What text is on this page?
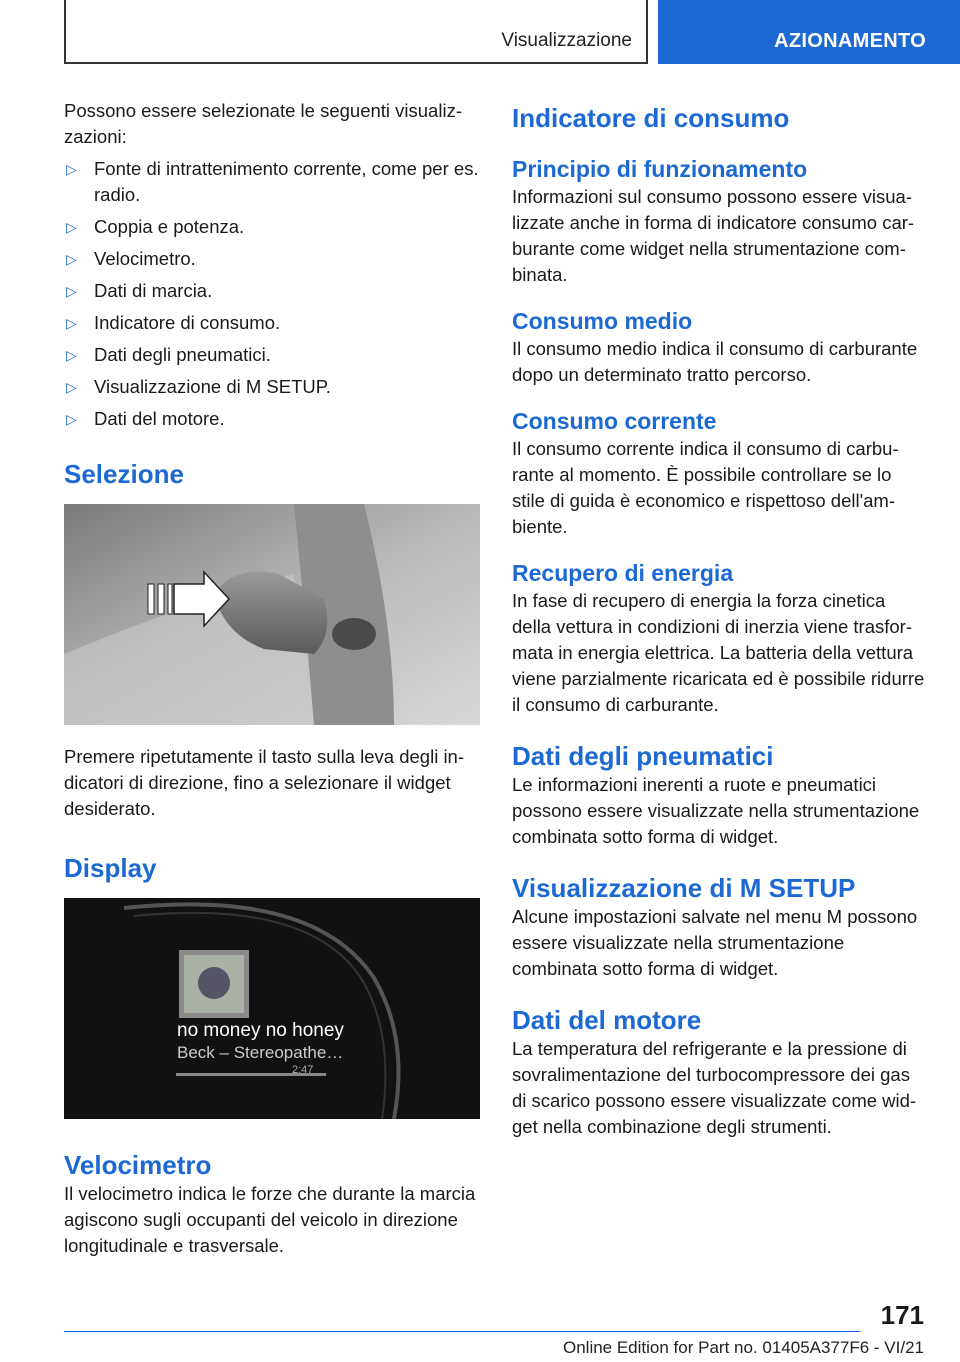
Visualizzazione	AZIONAMENTO

Possono essere selezionate le seguenti visualizzazioni:

▷ Fonte di intrattenimento corrente, come per es. radio.
▷ Coppia e potenza.
▷ Velocimetro.
▷ Dati di marcia.
▷ Indicatore di consumo.
▷ Dati degli pneumatici.
▷ Visualizzazione di M SETUP.
▷ Dati del motore.
Selezione

Premere ripetutamente il tasto sulla leva degli indicatori di direzione, fino a selezionare il widget desiderato.

Display
no money no honey
Beck – Stereopathe…
2:47
Velocimetro

Il velocimetro indica le forze che durante la marcia agiscono sugli occupanti del veicolo in direzione longitudinale e trasversale.

Indicatore di consumo
Principio di funzionamento

Informazioni sul consumo possono essere visualizzate anche in forma di indicatore consumo carburante come widget nella strumentazione combinata.

Consumo medio

Il consumo medio indica il consumo di carburante dopo un determinato tratto percorso.

Consumo corrente

Il consumo corrente indica il consumo di carburante al momento. È possibile controllare se lo stile di guida è economico e rispettoso dell'ambiente.

Recupero di energia

In fase di recupero di energia la forza cinetica della vettura in condizioni di inerzia viene trasformata in energia elettrica. La batteria della vettura viene parzialmente ricaricata ed è possibile ridurre il consumo di carburante.

Dati degli pneumatici

Le informazioni inerenti a ruote e pneumatici possono essere visualizzate nella strumentazione combinata sotto forma di widget.

Visualizzazione di M SETUP

Alcune impostazioni salvate nel menu M possono essere visualizzate nella strumentazione combinata sotto forma di widget.

Dati del motore

La temperatura del refrigerante e la pressione di sovralimentazione del turbocompressore dei gas di scarico possono essere visualizzate come widget nella combinazione degli strumenti.

171
Online Edition for Part no. 01405A377F6 - VI/21
